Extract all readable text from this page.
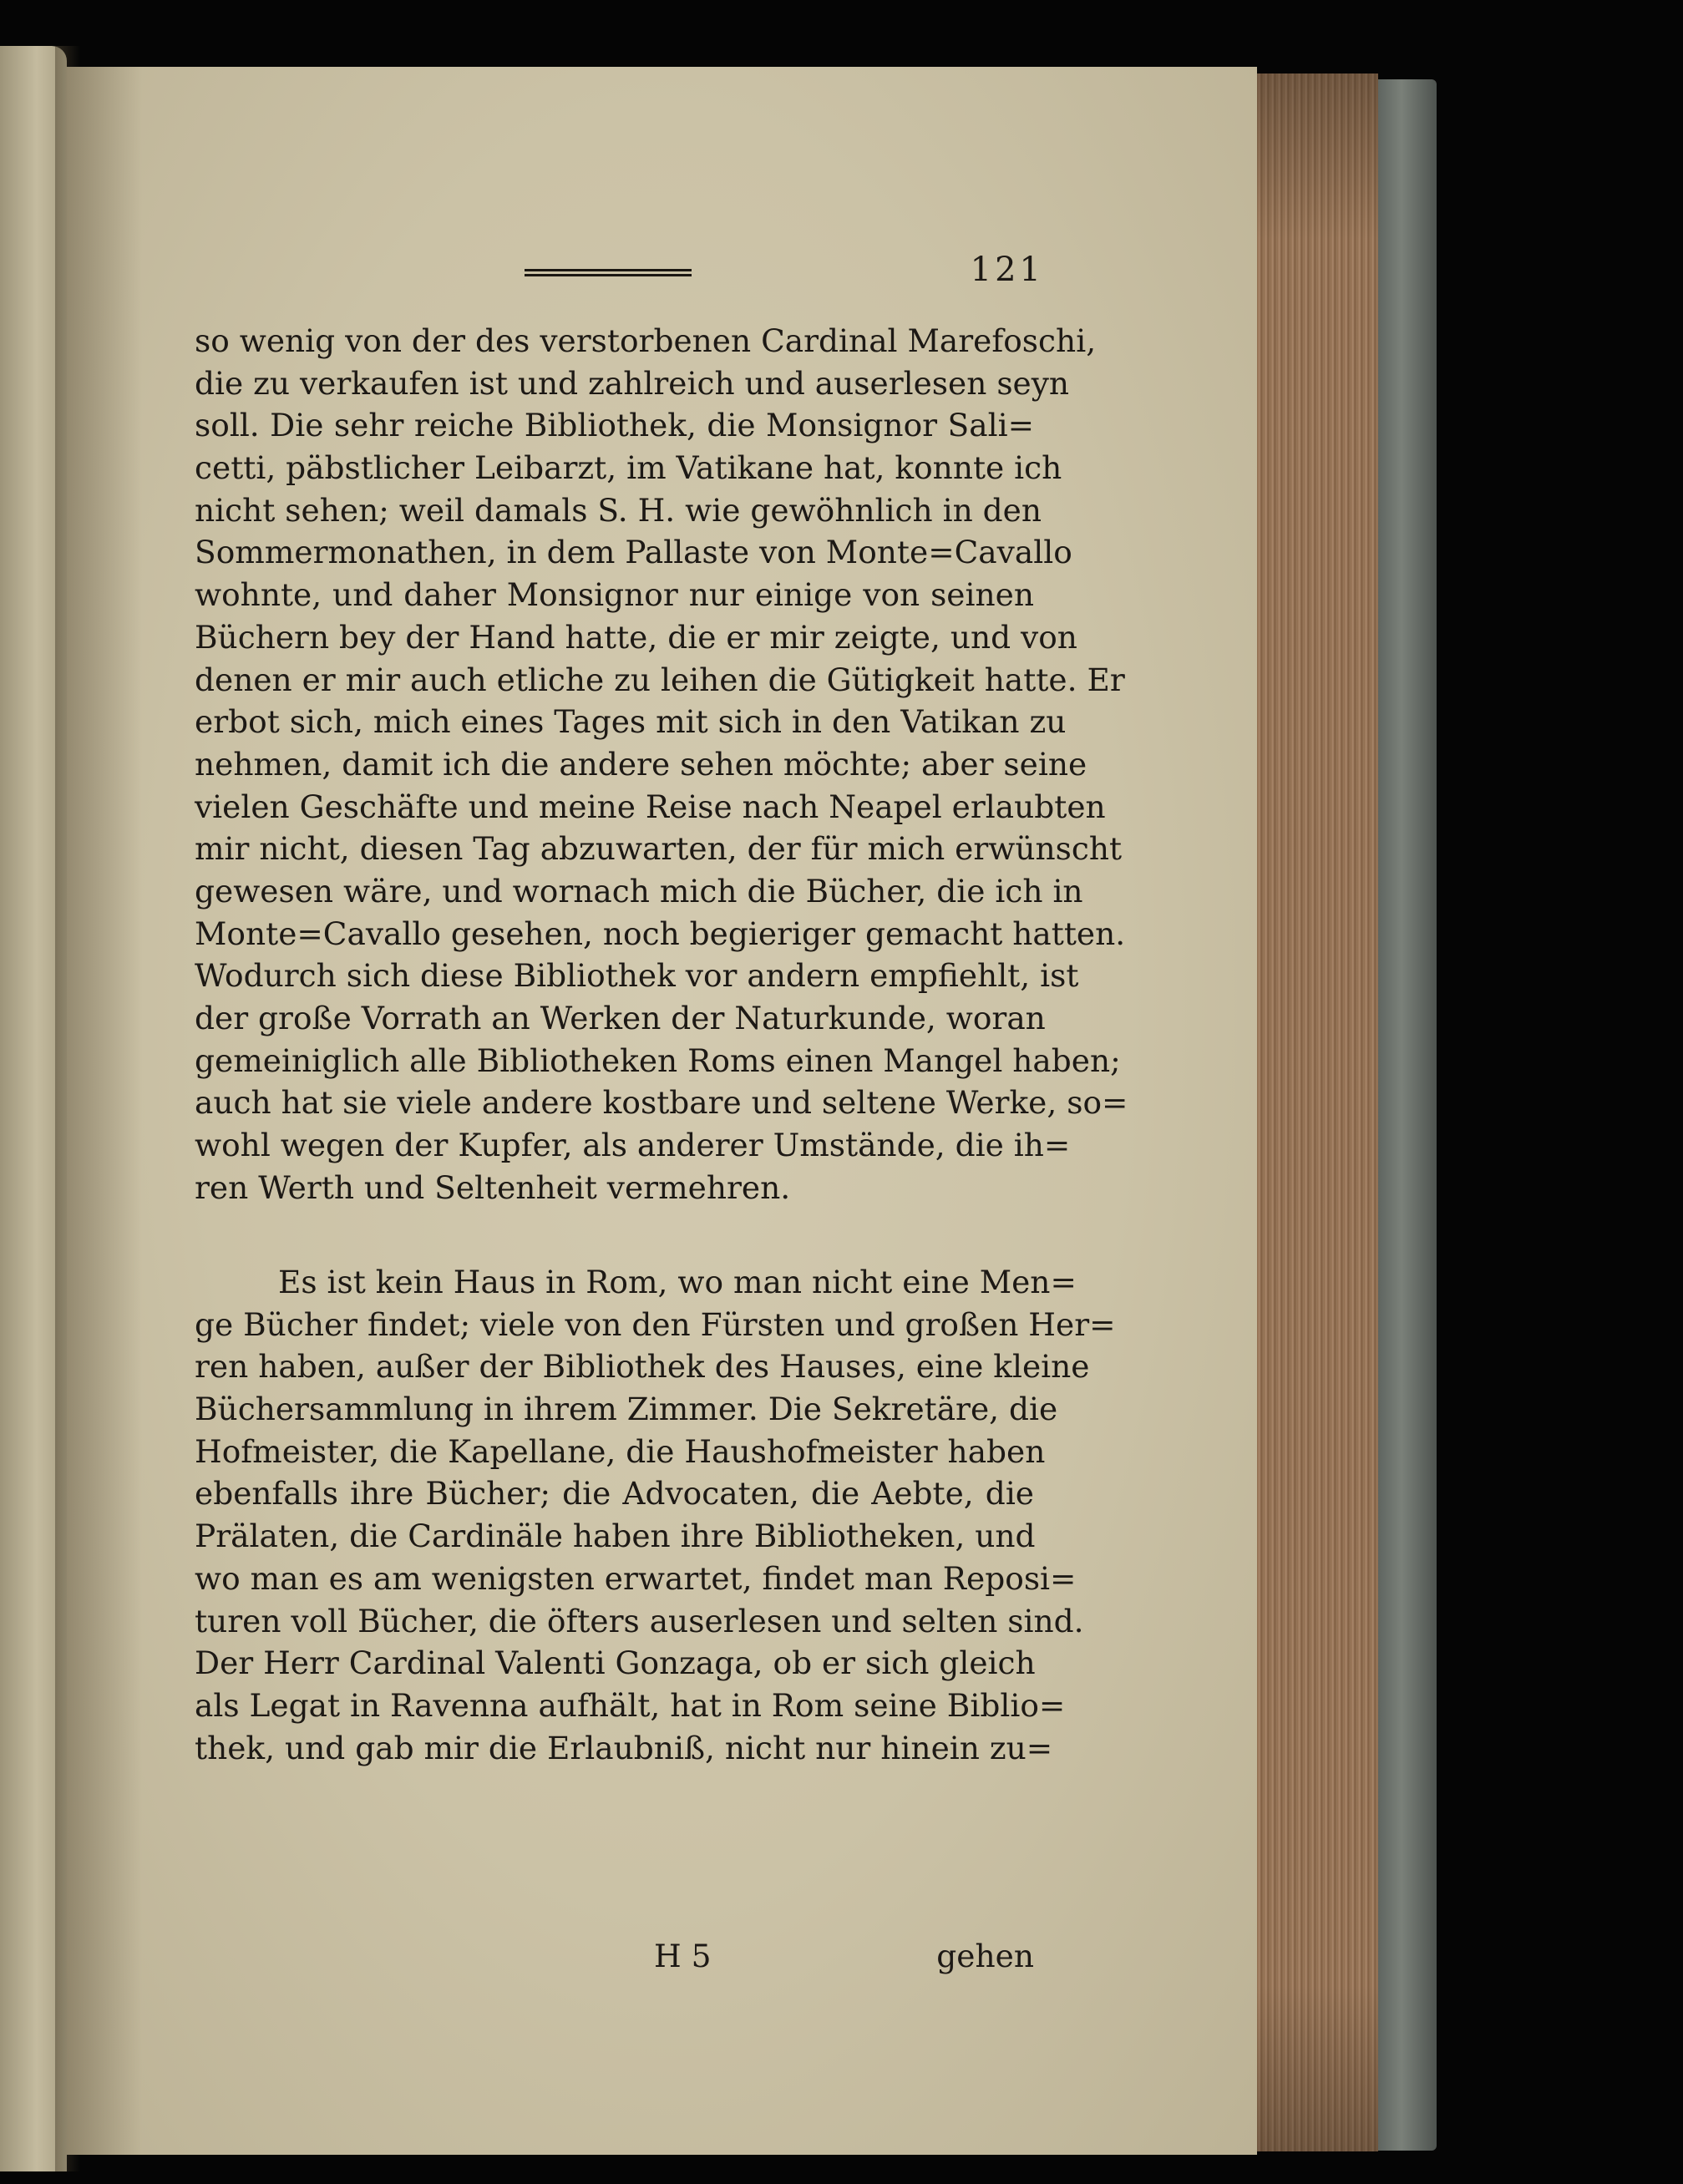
121
so wenig von der des verstorbenen Cardinal Marefoschi,
die zu verkaufen ist und zahlreich und auserlesen seyn
soll. Die sehr reiche Bibliothek, die Monsignor Sali=
cetti, päbstlicher Leibarzt, im Vatikane hat, konnte ich
nicht sehen; weil damals S. H. wie gewöhnlich in den
Sommermonathen, in dem Pallaste von Monte=Cavallo
wohnte, und daher Monsignor nur einige von seinen
Büchern bey der Hand hatte, die er mir zeigte, und von
denen er mir auch etliche zu leihen die Gütigkeit hatte. Er
erbot sich, mich eines Tages mit sich in den Vatikan zu
nehmen, damit ich die andere sehen möchte; aber seine
vielen Geschäfte und meine Reise nach Neapel erlaubten
mir nicht, diesen Tag abzuwarten, der für mich erwünscht
gewesen wäre, und wornach mich die Bücher, die ich in
Monte=Cavallo gesehen, noch begieriger gemacht hatten.
Wodurch sich diese Bibliothek vor andern empfiehlt, ist
der große Vorrath an Werken der Naturkunde, woran
gemeiniglich alle Bibliotheken Roms einen Mangel haben;
auch hat sie viele andere kostbare und seltene Werke, so=
wohl wegen der Kupfer, als anderer Umstände, die ih=
ren Werth und Seltenheit vermehren.
Es ist kein Haus in Rom, wo man nicht eine Men=
ge Bücher findet; viele von den Fürsten und großen Her=
ren haben, außer der Bibliothek des Hauses, eine kleine
Büchersammlung in ihrem Zimmer. Die Sekretäre, die
Hofmeister, die Kapellane, die Haushofmeister haben
ebenfalls ihre Bücher; die Advocaten, die Aebte, die
Prälaten, die Cardinäle haben ihre Bibliotheken, und
wo man es am wenigsten erwartet, findet man Reposi=
turen voll Bücher, die öfters auserlesen und selten sind.
Der Herr Cardinal Valenti Gonzaga, ob er sich gleich
als Legat in Ravenna aufhält, hat in Rom seine Biblio=
thek, und gab mir die Erlaubniß, nicht nur hinein zu=
H 5	gehen
